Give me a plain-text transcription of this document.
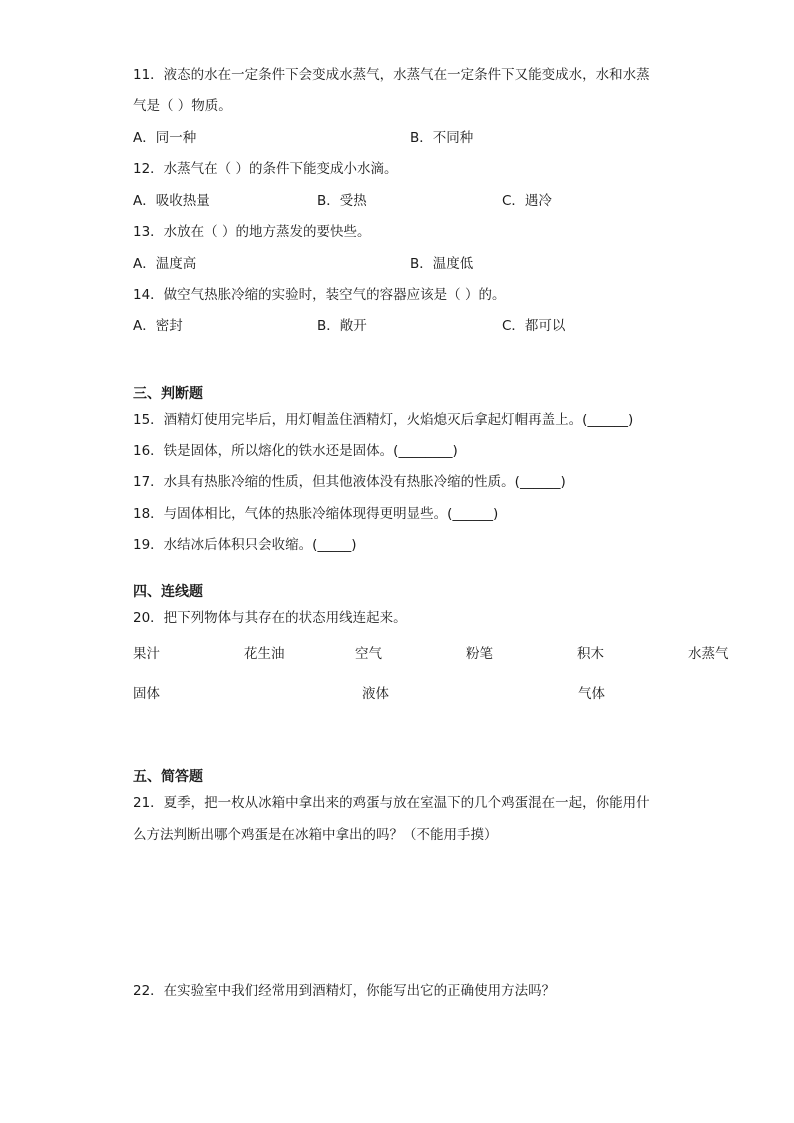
11．液态的水在一定条件下会变成水蒸气，水蒸气在一定条件下又能变成水，水和水蒸
气是（ ）物质。
A．同一种	B．不同种
12．水蒸气在（ ）的条件下能变成小水滴。
A．吸收热量	B．受热	C．遇冷
13．水放在（ ）的地方蒸发的要快些。
A．温度高	B．温度低
14．做空气热胀冷缩的实验时，装空气的容器应该是（ ）的。
A．密封	B．敞开	C．都可以
三、判断题
15．酒精灯使用完毕后，用灯帽盖住酒精灯，火焰熄灭后拿起灯帽再盖上。(______)
16．铁是固体，所以熔化的铁水还是固体。(________)
17．水具有热胀冷缩的性质，但其他液体没有热胀冷缩的性质。(______)
18．与固体相比，气体的热胀冷缩体现得更明显些。(______)
19．水结冰后体积只会收缩。(_____)
四、连线题
20．把下列物体与其存在的状态用线连起来。
果汁	花生油	空气	粉笔	积木	水蒸气
固体	液体	气体
五、简答题
21．夏季，把一枚从冰箱中拿出来的鸡蛋与放在室温下的几个鸡蛋混在一起，你能用什
么方法判断出哪个鸡蛋是在冰箱中拿出的吗？（不能用手摸）
22．在实验室中我们经常用到酒精灯，你能写出它的正确使用方法吗？
